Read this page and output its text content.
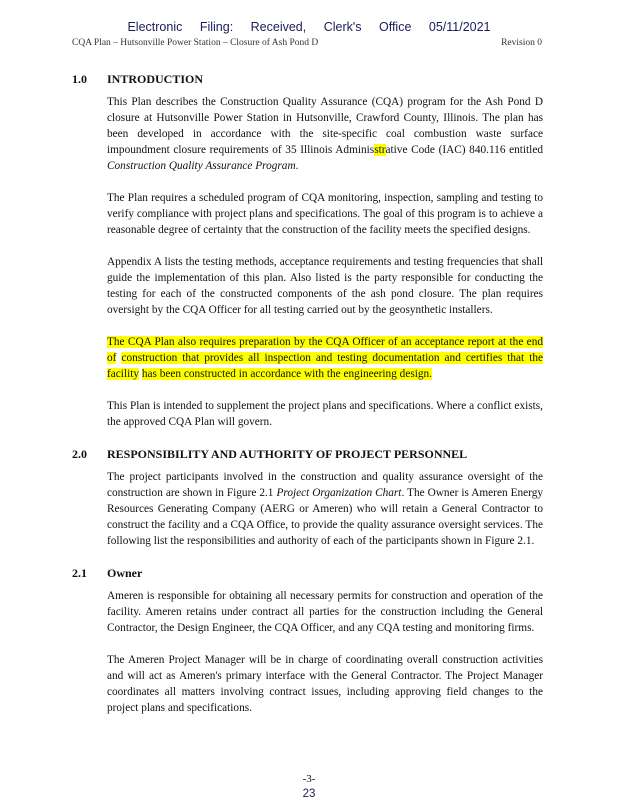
Electronic Filing: Received, Clerk's Office 05/11/2021
CQA Plan – Hutsonville Power Station – Closure of Ash Pond D	Revision 0
1.0	INTRODUCTION
This Plan describes the Construction Quality Assurance (CQA) program for the Ash Pond D closure at Hutsonville Power Station in Hutsonville, Crawford County, Illinois. The plan has been developed in accordance with the site-specific coal combustion waste surface impoundment closure requirements of 35 Illinois Adminisstrative Code (IAC) 840.116 entitled Construction Quality Assurance Program.
The Plan requires a scheduled program of CQA monitoring, inspection, sampling and testing to verify compliance with project plans and specifications. The goal of this program is to achieve a reasonable degree of certainty that the construction of the facility meets the specified designs.
Appendix A lists the testing methods, acceptance requirements and testing frequencies that shall guide the implementation of this plan. Also listed is the party responsible for conducting the testing for each of the constructed components of the ash pond closure. The plan requires oversight by the CQA Officer for all testing carried out by the geosynthetic installers.
The CQA Plan also requires preparation by the CQA Officer of an acceptance report at the end of construction that provides all inspection and testing documentation and certifies that the facility has been constructed in accordance with the engineering design.
This Plan is intended to supplement the project plans and specifications. Where a conflict exists, the approved CQA Plan will govern.
2.0	RESPONSIBILITY AND AUTHORITY OF PROJECT PERSONNEL
The project participants involved in the construction and quality assurance oversight of the construction are shown in Figure 2.1 Project Organization Chart. The Owner is Ameren Energy Resources Generating Company (AERG or Ameren) who will retain a General Contractor to construct the facility and a CQA Office, to provide the quality assurance oversight services. The following list the responsibilities and authority of each of the participants shown in Figure 2.1.
2.1	Owner
Ameren is responsible for obtaining all necessary permits for construction and operation of the facility. Ameren retains under contract all parties for the construction including the General Contractor, the Design Engineer, the CQA Officer, and any CQA testing and monitoring firms.
The Ameren Project Manager will be in charge of coordinating overall construction activities and will act as Ameren's primary interface with the General Contractor. The Project Manager coordinates all matters involving contract issues, including approving field changes to the project plans and specifications.
-3-
23
